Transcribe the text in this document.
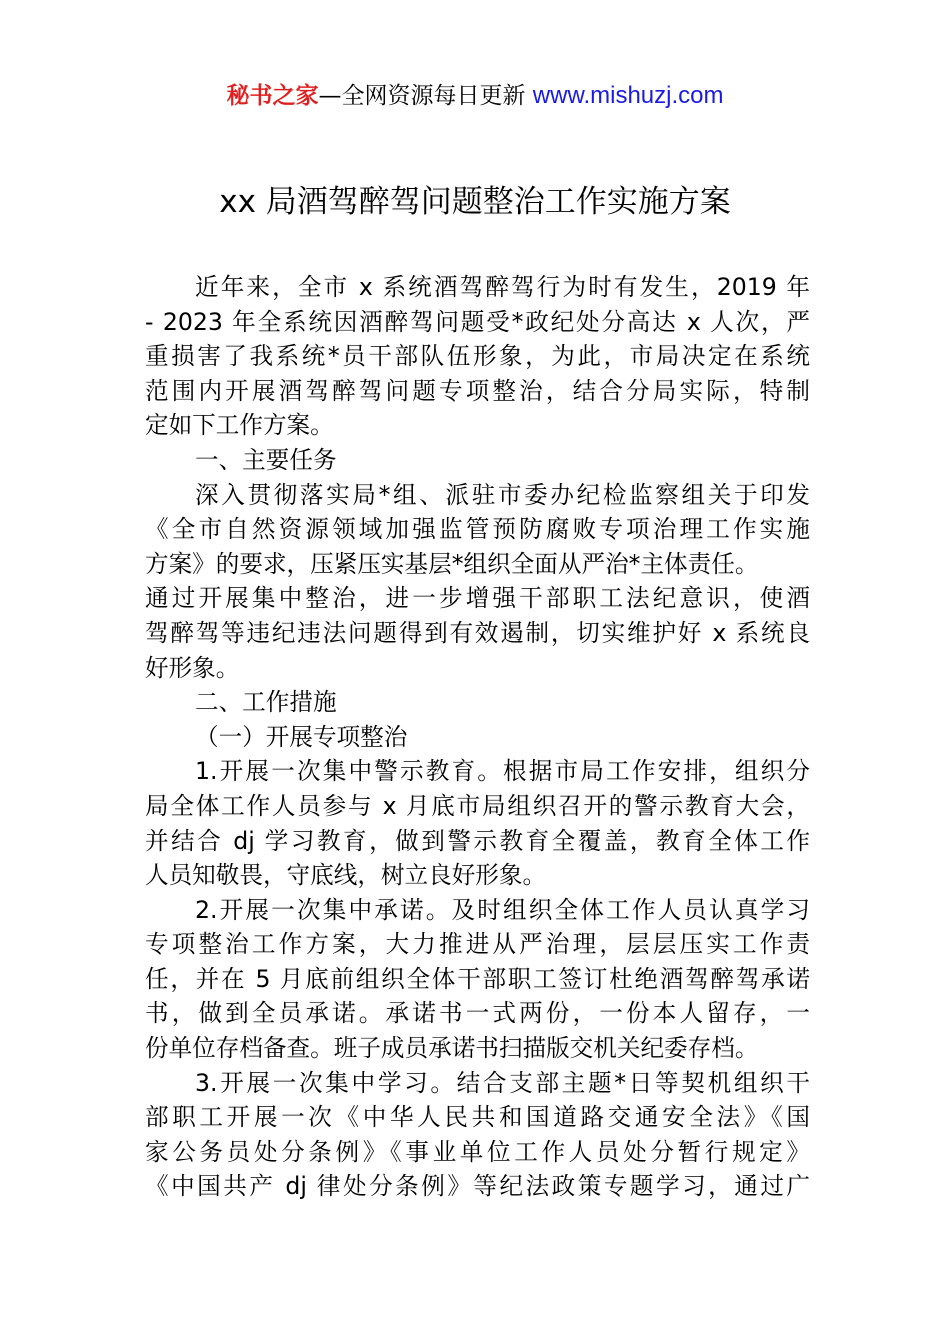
秘书之家—全网资源每日更新 www.mishuzj.com
xx 局酒驾醉驾问题整治工作实施方案
近年来，全市 x 系统酒驾醉驾行为时有发生，2019 年
- 2023 年全系统因酒醉驾问题受*政纪处分高达 x 人次，严
重损害了我系统*员干部队伍形象，为此，市局决定在系统
范围内开展酒驾醉驾问题专项整治，结合分局实际，特制
定如下工作方案。
一、主要任务
深入贯彻落实局*组、派驻市委办纪检监察组关于印发
《全市自然资源领域加强监管预防腐败专项治理工作实施
方案》的要求，压紧压实基层*组织全面从严治*主体责任。
通过开展集中整治，进一步增强干部职工法纪意识，使酒
驾醉驾等违纪违法问题得到有效遏制，切实维护好 x 系统良
好形象。
二、工作措施
（一）开展专项整治
1.开展一次集中警示教育。根据市局工作安排，组织分
局全体工作人员参与 x 月底市局组织召开的警示教育大会，
并结合 dj 学习教育，做到警示教育全覆盖，教育全体工作
人员知敬畏，守底线，树立良好形象。
2.开展一次集中承诺。及时组织全体工作人员认真学习
专项整治工作方案，大力推进从严治理，层层压实工作责
任，并在 5 月底前组织全体干部职工签订杜绝酒驾醉驾承诺
书，做到全员承诺。承诺书一式两份，一份本人留存，一
份单位存档备查。班子成员承诺书扫描版交机关纪委存档。
3.开展一次集中学习。结合支部主题*日等契机组织干
部职工开展一次《中华人民共和国道路交通安全法》《国
家公务员处分条例》《事业单位工作人员处分暂行规定》
《中国共产 dj 律处分条例》等纪法政策专题学习，通过广
